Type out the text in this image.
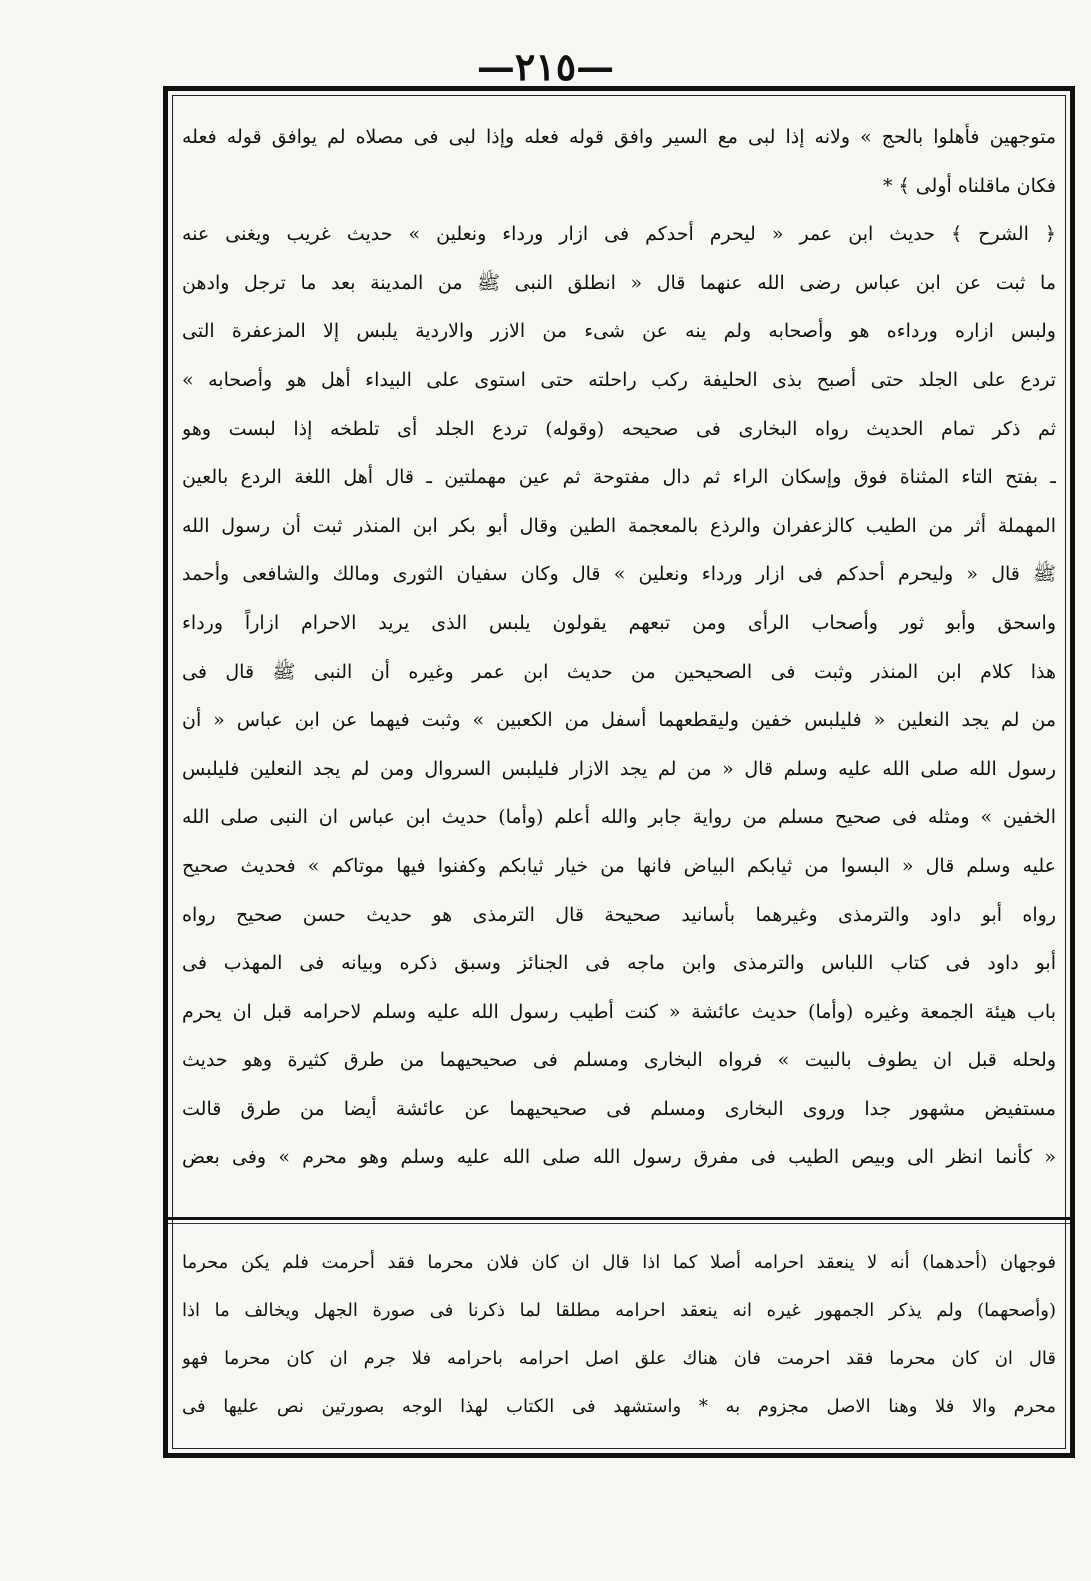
—٢١٥—
متوجهين فأهلوا بالحج » ولانه إذا لبى مع السير وافق قوله فعله وإذا لبى فى مصلاه لم يوافق قوله فعله
فكان ماقلناه أولى ﴾ *
﴿ الشرح ﴾ حديث ابن عمر « ليحرم أحدكم فى ازار ورداء ونعلين » حديث غريب ويغنى عنه
ما ثبت عن ابن عباس رضى الله عنهما قال « انطلق النبى ﷺ من المدينة بعد ما ترجل وادهن
ولبس ازاره ورداءه هو وأصحابه ولم ينه عن شىء من الازر والاردية يلبس إلا المزعفرة التى
تردع على الجلد حتى أصبح بذى الحليفة ركب راحلته حتى استوى على البيداء أهل هو وأصحابه »
ثم ذكر تمام الحديث رواه البخارى فى صحيحه (وقوله) تردع الجلد أى تلطخه إذا لبست وهو
ـ بفتح التاء المثناة فوق وإسكان الراء ثم دال مفتوحة ثم عين مهملتين ـ قال أهل اللغة الردع بالعين
المهملة أثر من الطيب كالزعفران والرذع بالمعجمة الطين وقال أبو بكر ابن المنذر ثبت أن رسول الله
ﷺ قال « وليحرم أحدكم فى ازار ورداء ونعلين » قال وكان سفيان الثورى ومالك والشافعى وأحمد
واسحق وأبو ثور وأصحاب الرأى ومن تبعهم يقولون يلبس الذى يريد الاحرام ازاراً ورداء
هذا كلام ابن المنذر وثبت فى الصحيحين من حديث ابن عمر وغيره أن النبى ﷺ قال فى
من لم يجد النعلين « فليلبس خفين وليقطعهما أسفل من الكعبين » وثبت فيهما عن ابن عباس « أن
رسول الله صلى الله عليه وسلم قال « من لم يجد الازار فليلبس السروال ومن لم يجد النعلين فليلبس
الخفين » ومثله فى صحيح مسلم من رواية جابر والله أعلم (وأما) حديث ابن عباس ان النبى صلى الله
عليه وسلم قال « البسوا من ثيابكم البياض فانها من خيار ثيابكم وكفنوا فيها موتاكم » فحديث صحيح
رواه أبو داود والترمذى وغيرهما بأسانيد صحيحة قال الترمذى هو حديث حسن صحيح رواه
أبو داود فى كتاب اللباس والترمذى وابن ماجه فى الجنائز وسبق ذكره وبيانه فى المهذب فى
باب هيئة الجمعة وغيره (وأما) حديث عائشة « كنت أطيب رسول الله عليه وسلم لاحرامه قبل ان يحرم
ولحله قبل ان يطوف بالبيت » فرواه البخارى ومسلم فى صحيحيهما من طرق كثيرة وهو حديث
مستفيض مشهور جدا وروى البخارى ومسلم فى صحيحيهما عن عائشة أيضا من طرق قالت
« كأنما انظر الى وبيص الطيب فى مفرق رسول الله صلى الله عليه وسلم وهو محرم » وفى بعض
فوجهان (أحدهما) أنه لا ينعقد احرامه أصلا كما اذا قال ان كان فلان محرما فقد أحرمت فلم يكن محرما
(وأصحهما) ولم يذكر الجمهور غيره انه ينعقد احرامه مطلقا لما ذكرنا فى صورة الجهل ويخالف ما اذا
قال ان كان محرما فقد احرمت فان هناك علق اصل احرامه باحرامه فلا جرم ان كان محرما فهو
محرم والا فلا وهنا الاصل مجزوم به * واستشهد فى الكتاب لهذا الوجه بصورتين نص عليها فى
